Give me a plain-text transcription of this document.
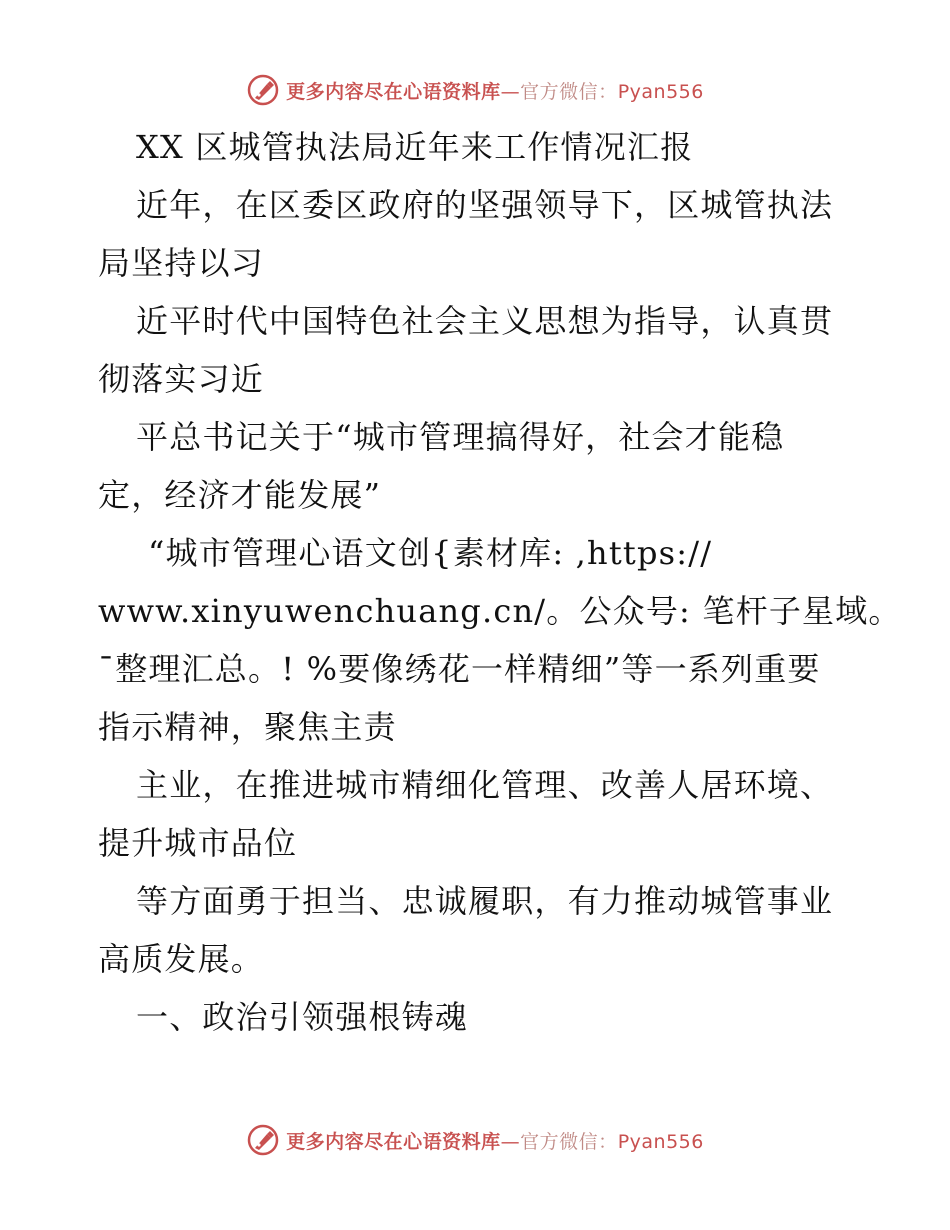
更多内容尽在心语资料库—官方微信：Pyan556

XX 区城管执法局近年来工作情况汇报

近年，在区委区政府的坚强领导下，区城管执法

局坚持以习

近平时代中国特色社会主义思想为指导，认真贯

彻落实习近

平总书记关于“城市管理搞得好，社会才能稳

定，经济才能发展”

“城市管理心语文创{素材库: ,https://

www.xinyuwenchuang.cn/。公众号: 笔杆子星域。

¯整理汇总。! %要像绣花一样精细”等一系列重要

指示精神，聚焦主责

主业，在推进城市精细化管理、改善人居环境、

提升城市品位

等方面勇于担当、忠诚履职，有力推动城管事业

高质发展。

一、政治引领强根铸魂

更多内容尽在心语资料库—官方微信：Pyan556
